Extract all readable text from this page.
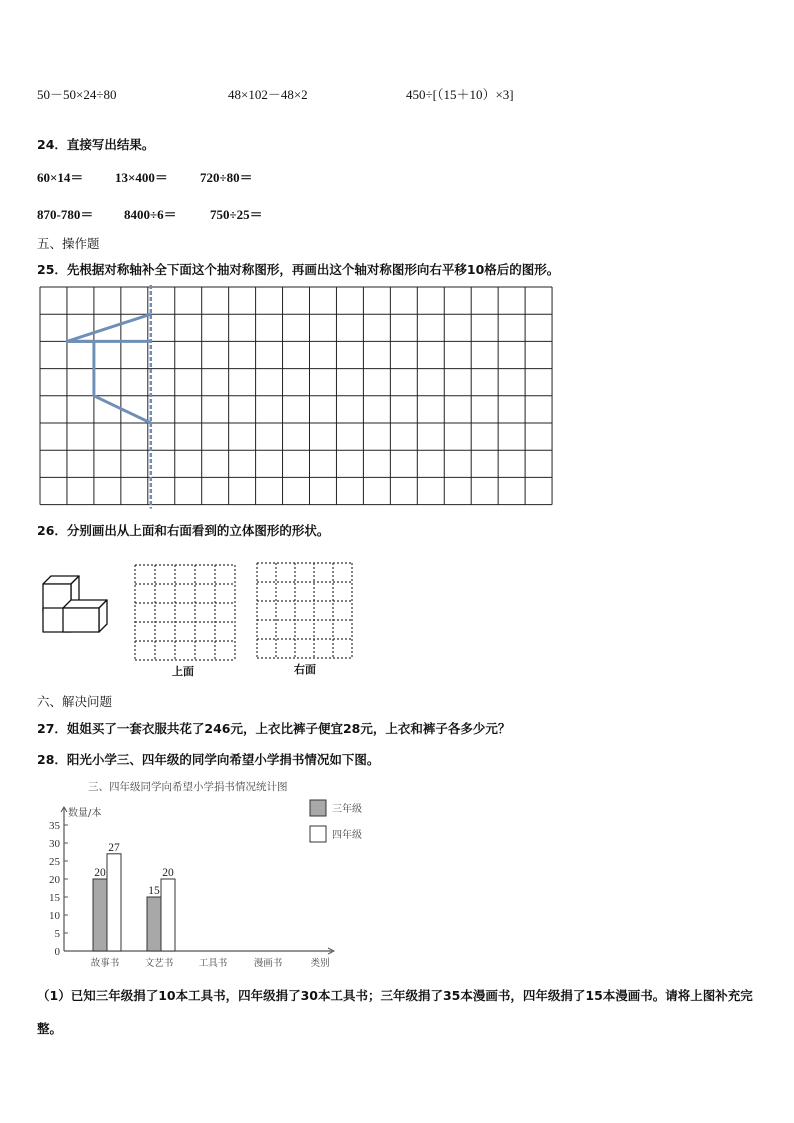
50－50×24÷80	48×102－48×2	450÷[（15＋10）×3]
24．直接写出结果。
60×14＝ 13×400＝ 720÷80＝
870-780＝ 8400÷6＝	750÷25＝
五、操作题
25．先根据对称轴补全下面这个抽对称图形，再画出这个轴对称图形向右平移10格后的图形。
26．分别画出从上面和右面看到的立体图形的形状。
上面	右面
六、解决问题
27．姐姐买了一套衣服共花了246元，上衣比裤子便宜28元，上衣和裤子各多少元？
28．阳光小学三、四年级的同学向希望小学捐书情况如下图。
三、四年级同学向希望小学捐书情况统计图
数量/本
0
5
10
15
20
25
30
35
故事书
20
27
文艺书
15
20
工具书	漫画书	类别
三年级
四年级
（1）已知三年级捐了10本工具书，四年级捐了30本工具书；三年级捐了35本漫画书，四年级捐了15本漫画书。请将上图补充完整。
